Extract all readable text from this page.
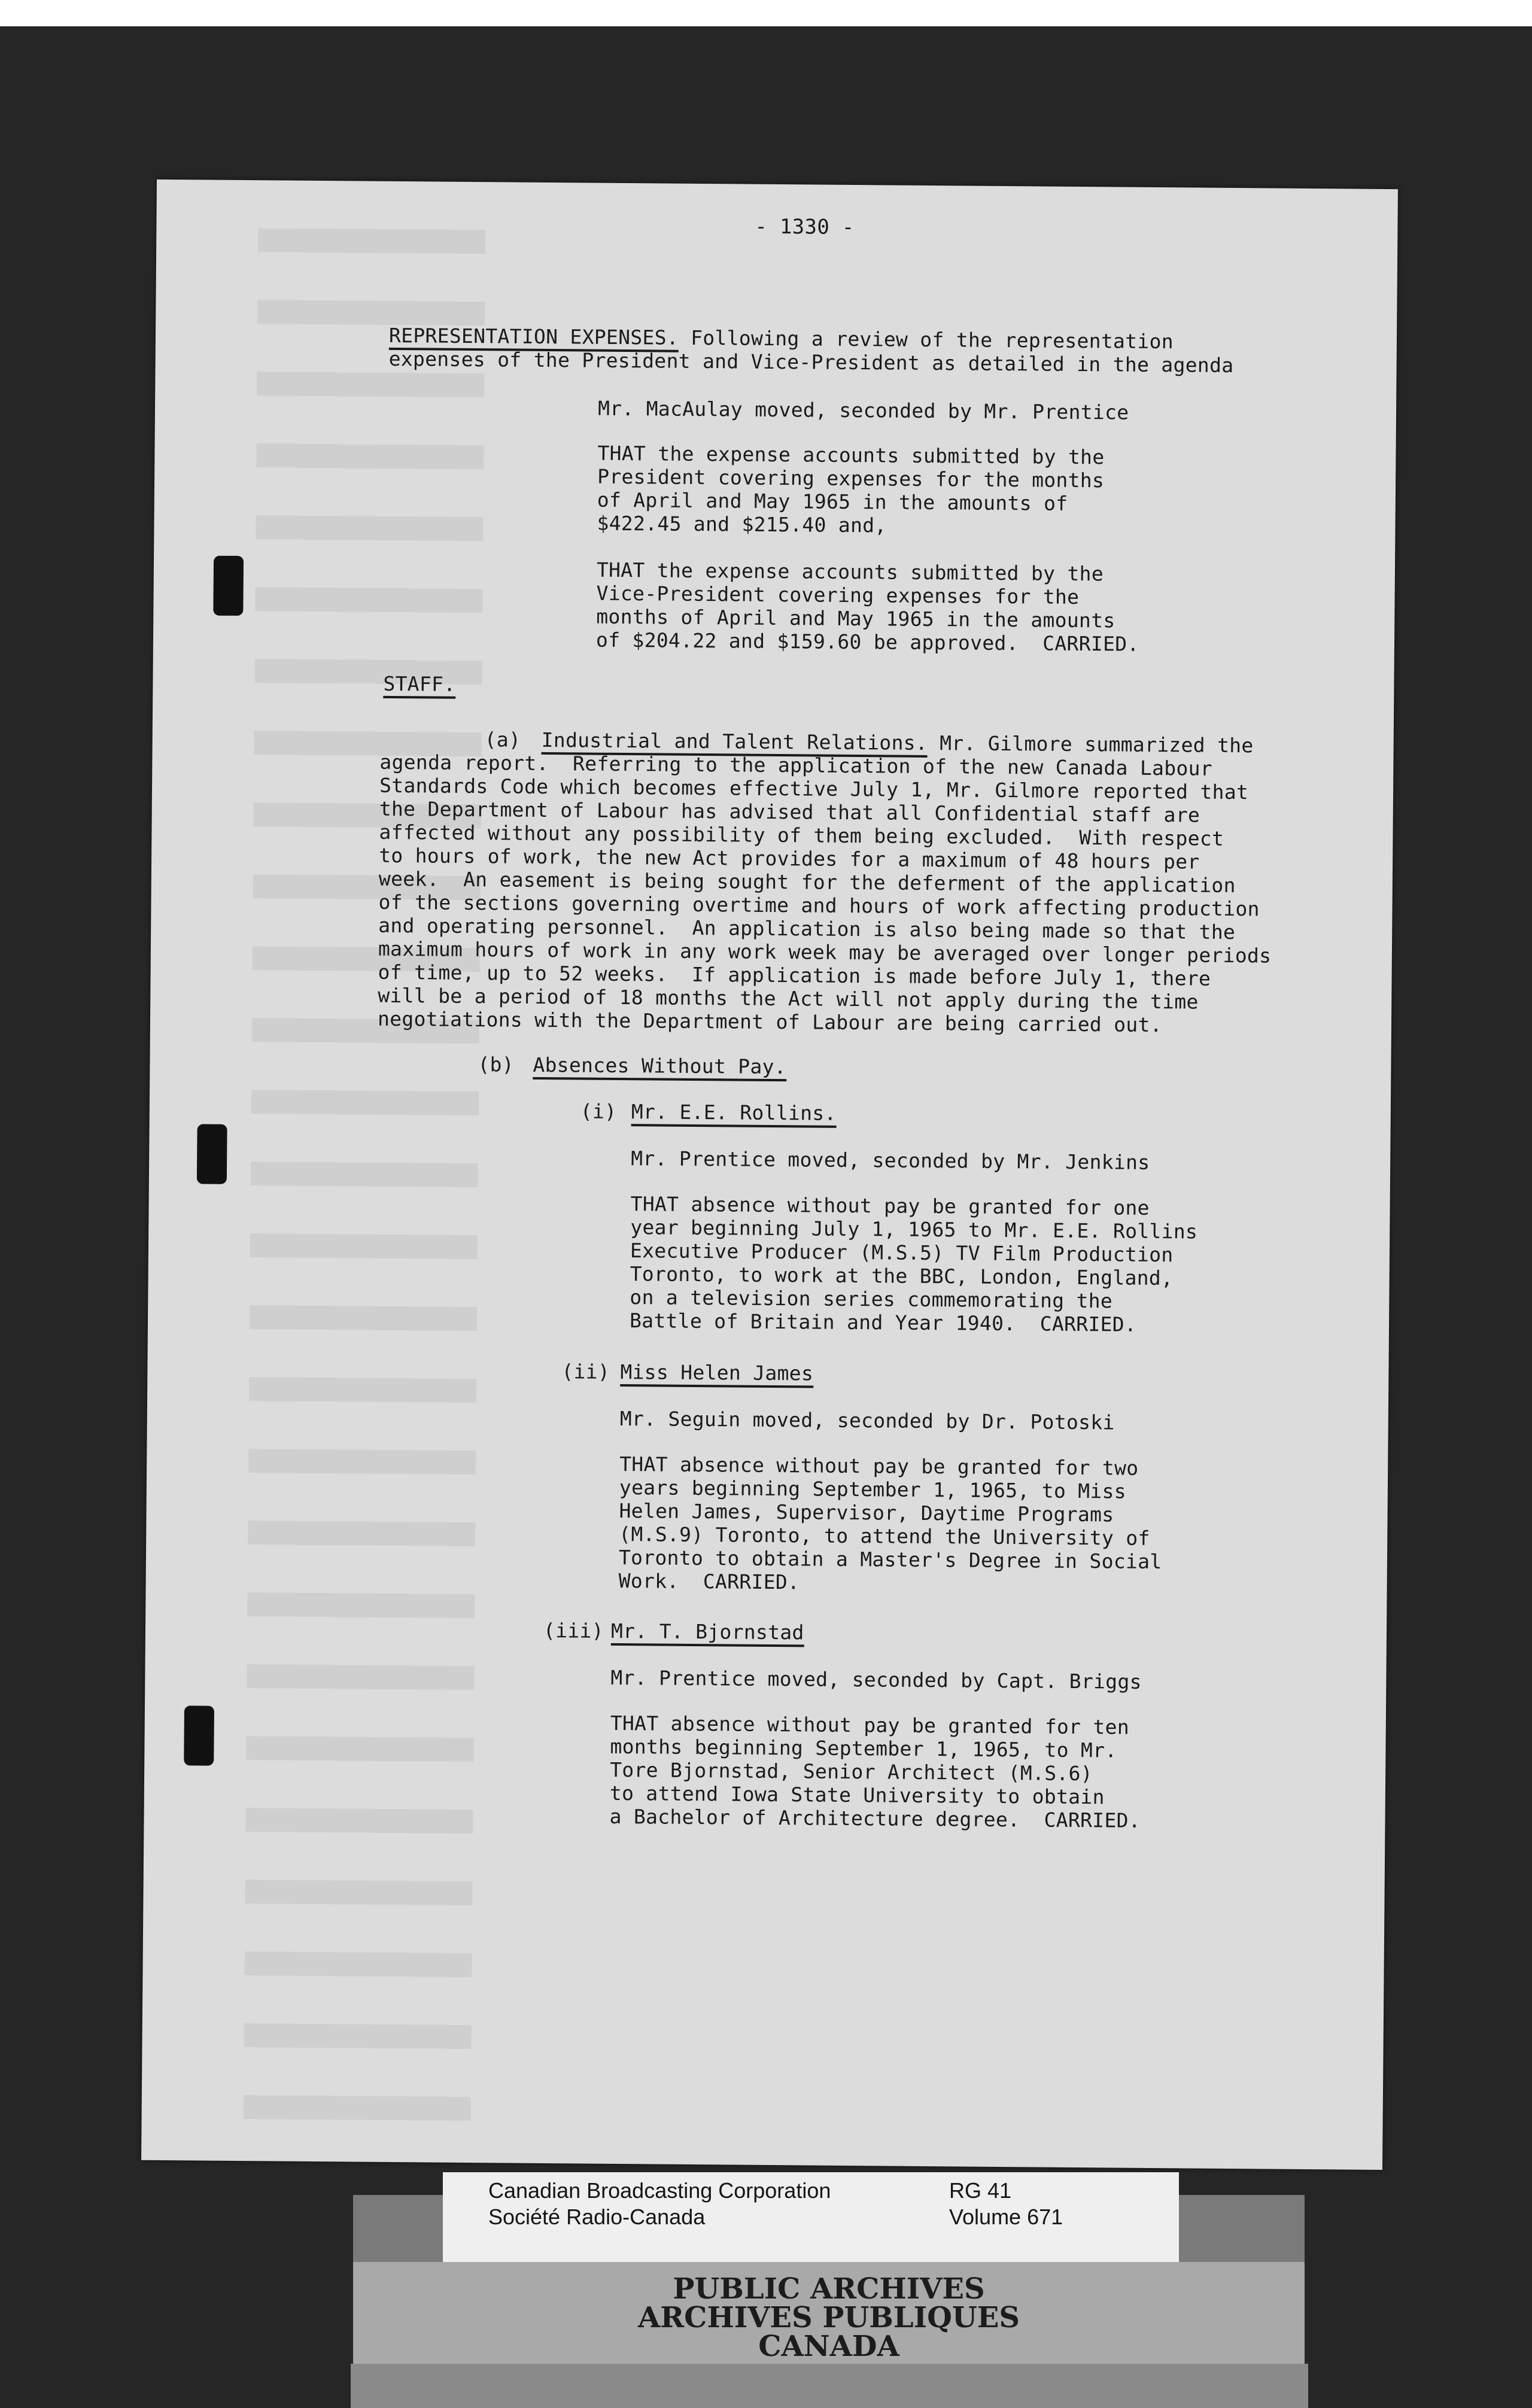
- 1330 -
REPRESENTATION EXPENSES. Following a review of the representation
expenses of the President and Vice-President as detailed in the agenda
Mr. MacAulay moved, seconded by Mr. Prentice
THAT the expense accounts submitted by the
President covering expenses for the months
of April and May 1965 in the amounts of
$422.45 and $215.40 and,
THAT the expense accounts submitted by the
Vice-President covering expenses for the
months of April and May 1965 in the amounts
of $204.22 and $159.60 be approved.  CARRIED.
STAFF.
(a) Industrial and Talent Relations. Mr. Gilmore summarized the
agenda report.  Referring to the application of the new Canada Labour
Standards Code which becomes effective July 1, Mr. Gilmore reported that
the Department of Labour has advised that all Confidential staff are
affected without any possibility of them being excluded.  With respect
to hours of work, the new Act provides for a maximum of 48 hours per
week.  An easement is being sought for the deferment of the application
of the sections governing overtime and hours of work affecting production
and operating personnel.  An application is also being made so that the
maximum hours of work in any work week may be averaged over longer periods
of time, up to 52 weeks.  If application is made before July 1, there
will be a period of 18 months the Act will not apply during the time
negotiations with the Department of Labour are being carried out.
(b) Absences Without Pay.
(i) Mr. E.E. Rollins.
Mr. Prentice moved, seconded by Mr. Jenkins
THAT absence without pay be granted for one
year beginning July 1, 1965 to Mr. E.E. Rollins
Executive Producer (M.S.5) TV Film Production
Toronto, to work at the BBC, London, England,
on a television series commemorating the
Battle of Britain and Year 1940.  CARRIED.
(ii) Miss Helen James
Mr. Seguin moved, seconded by Dr. Potoski
THAT absence without pay be granted for two
years beginning September 1, 1965, to Miss
Helen James, Supervisor, Daytime Programs
(M.S.9) Toronto, to attend the University of
Toronto to obtain a Master's Degree in Social
Work.  CARRIED.
(iii) Mr. T. Bjornstad
Mr. Prentice moved, seconded by Capt. Briggs
THAT absence without pay be granted for ten
months beginning September 1, 1965, to Mr.
Tore Bjornstad, Senior Architect (M.S.6)
to attend Iowa State University to obtain
a Bachelor of Architecture degree.  CARRIED.
Canadian Broadcasting Corporation
Société Radio-Canada
RG 41
Volume 671
PUBLIC ARCHIVES
ARCHIVES PUBLIQUES
CANADA
